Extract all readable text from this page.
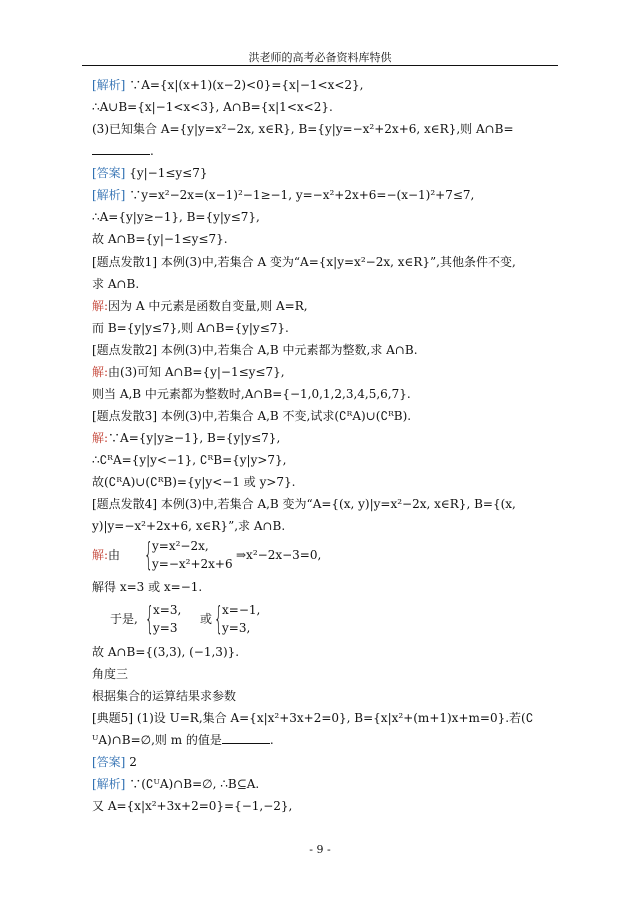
洪老师的高考必备资料库特供
[解析] ∵A={x|(x+1)(x−2)<0}={x|−1<x<2},
∴A∪B={x|−1<x<3}, A∩B={x|1<x<2}.
(3)已知集合 A={y|y=x²−2x, x∈R}, B={y|y=−x²+2x+6, x∈R},则 A∩B=
.
[答案] {y|−1≤y≤7}
[解析] ∵y=x²−2x=(x−1)²−1≥−1, y=−x²+2x+6=−(x−1)²+7≤7,
∴A={y|y≥−1}, B={y|y≤7},
故 A∩B={y|−1≤y≤7}.
[题点发散1] 本例(3)中,若集合 A 变为“A={x|y=x²−2x, x∈R}”,其他条件不变,
求 A∩B.
解:因为 A 中元素是函数自变量,则 A=R,
而 B={y|y≤7},则 A∩B={y|y≤7}.
[题点发散2] 本例(3)中,若集合 A,B 中元素都为整数,求 A∩B.
解:由(3)可知 A∩B={y|−1≤y≤7},
则当 A,B 中元素都为整数时,A∩B={−1,0,1,2,3,4,5,6,7}.
[题点发散3] 本例(3)中,若集合 A,B 不变,试求(∁ᴿA)∪(∁ᴿB).
解:∵A={y|y≥−1}, B={y|y≤7},
∴∁ᴿA={y|y<−1}, ∁ᴿB={y|y>7},
故(∁ᴿA)∪(∁ᴿB)={y|y<−1 或 y>7}.
[题点发散4] 本例(3)中,若集合 A,B 变为“A={(x, y)|y=x²−2x, x∈R}, B={(x,
y)|y=−x²+2x+6, x∈R}”,求 A∩B.
解:由 { y=x²−2x,
y=−x²+2x+6
⇒x²−2x−3=0,
解得 x=3 或 x=−1.
于是, { x=3,
y=3
或 { x=−1,
y=3,
故 A∩B={(3,3), (−1,3)}.
角度三
根据集合的运算结果求参数
[典题5] (1)设 U=R,集合 A={x|x²+3x+2=0}, B={x|x²+(m+1)x+m=0}.若(∁
ᵁA)∩B=∅,则 m 的值是	.
[答案] 2
[解析] ∵(∁ᵁA)∩B=∅, ∴B⊆A.
又 A={x|x²+3x+2=0}={−1,−2},
- 9 -
